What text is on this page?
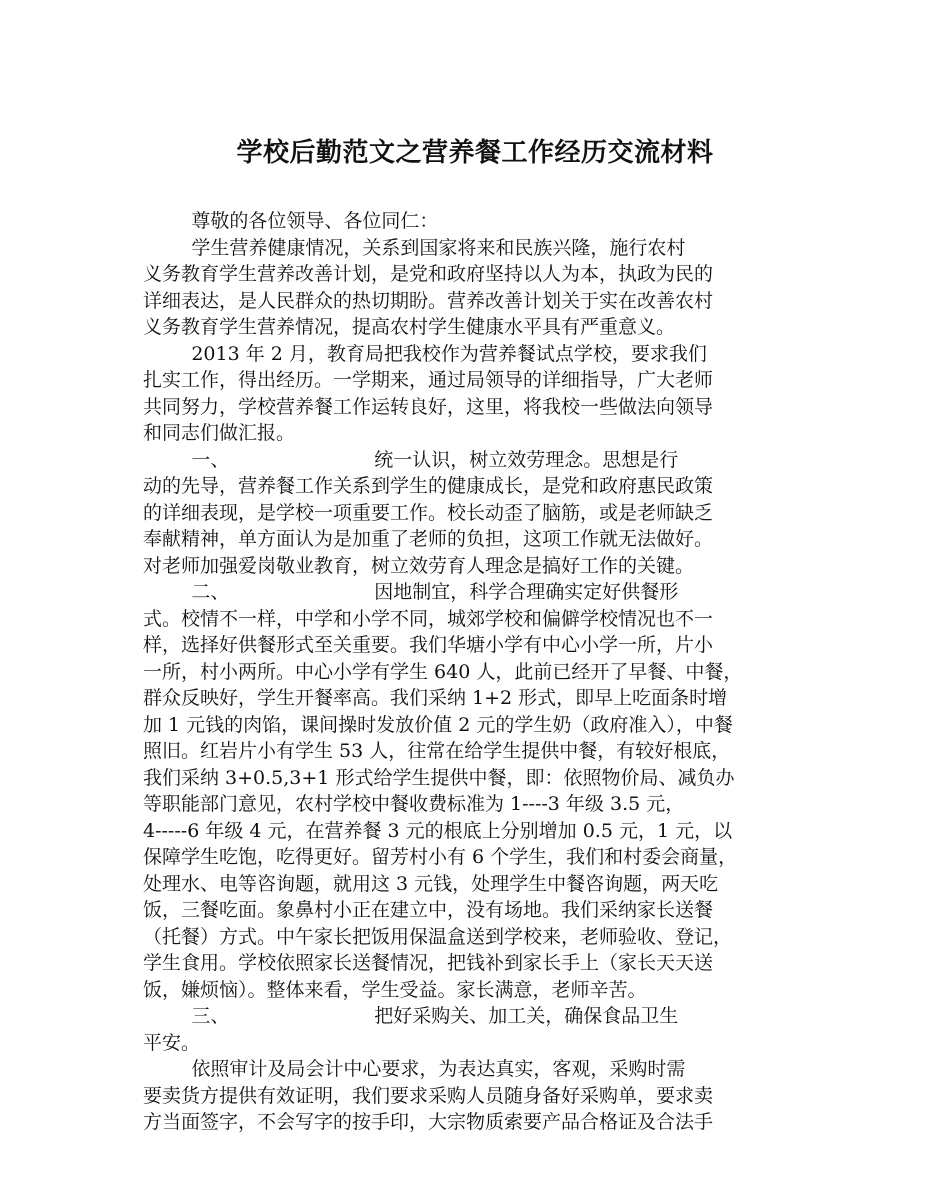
学校后勤范文之营养餐工作经历交流材料
尊敬的各位领导、各位同仁：
学生营养健康情况，关系到国家将来和民族兴隆，施行农村
义务教育学生营养改善计划，是党和政府坚持以人为本，执政为民的
详细表达，是人民群众的热切期盼。营养改善计划关于实在改善农村
义务教育学生营养情况，提高农村学生健康水平具有严重意义。
2013 年 2 月，教育局把我校作为营养餐试点学校，要求我们
扎实工作，得出经历。一学期来，通过局领导的详细指导，广大老师
共同努力，学校营养餐工作运转良好，这里，将我校一些做法向领导
和同志们做汇报。
一、                        统一认识，树立效劳理念。思想是行
动的先导，营养餐工作关系到学生的健康成长，是党和政府惠民政策
的详细表现，是学校一项重要工作。校长动歪了脑筋，或是老师缺乏
奉献精神，单方面认为是加重了老师的负担，这项工作就无法做好。
对老师加强爱岗敬业教育，树立效劳育人理念是搞好工作的关键。
二、                        因地制宜，科学合理确实定好供餐形
式。校情不一样，中学和小学不同，城郊学校和偏僻学校情况也不一
样，选择好供餐形式至关重要。我们华塘小学有中心小学一所，片小
一所，村小两所。中心小学有学生 640 人，此前已经开了早餐、中餐，
群众反映好，学生开餐率高。我们采纳 1+2 形式，即早上吃面条时增
加 1 元钱的肉馅，课间操时发放价值 2 元的学生奶（政府准入），中餐
照旧。红岩片小有学生 53 人，往常在给学生提供中餐，有较好根底，
我们采纳 3+0.5,3+1 形式给学生提供中餐，即：依照物价局、减负办
等职能部门意见，农村学校中餐收费标准为 1----3 年级 3.5 元，
4-----6 年级 4 元，在营养餐 3 元的根底上分别增加 0.5 元，1 元，以
保障学生吃饱，吃得更好。留芳村小有 6 个学生，我们和村委会商量，
处理水、电等咨询题，就用这 3 元钱，处理学生中餐咨询题，两天吃
饭，三餐吃面。象鼻村小正在建立中，没有场地。我们采纳家长送餐
（托餐）方式。中午家长把饭用保温盒送到学校来，老师验收、登记，
学生食用。学校依照家长送餐情况，把钱补到家长手上（家长天天送
饭，嫌烦恼）。整体来看，学生受益。家长满意，老师辛苦。
三、                        把好采购关、加工关，确保食品卫生
平安。
依照审计及局会计中心要求，为表达真实，客观，采购时需
要卖货方提供有效证明，我们要求采购人员随身备好采购单，要求卖
方当面签字，不会写字的按手印，大宗物质索要产品合格证及合法手
